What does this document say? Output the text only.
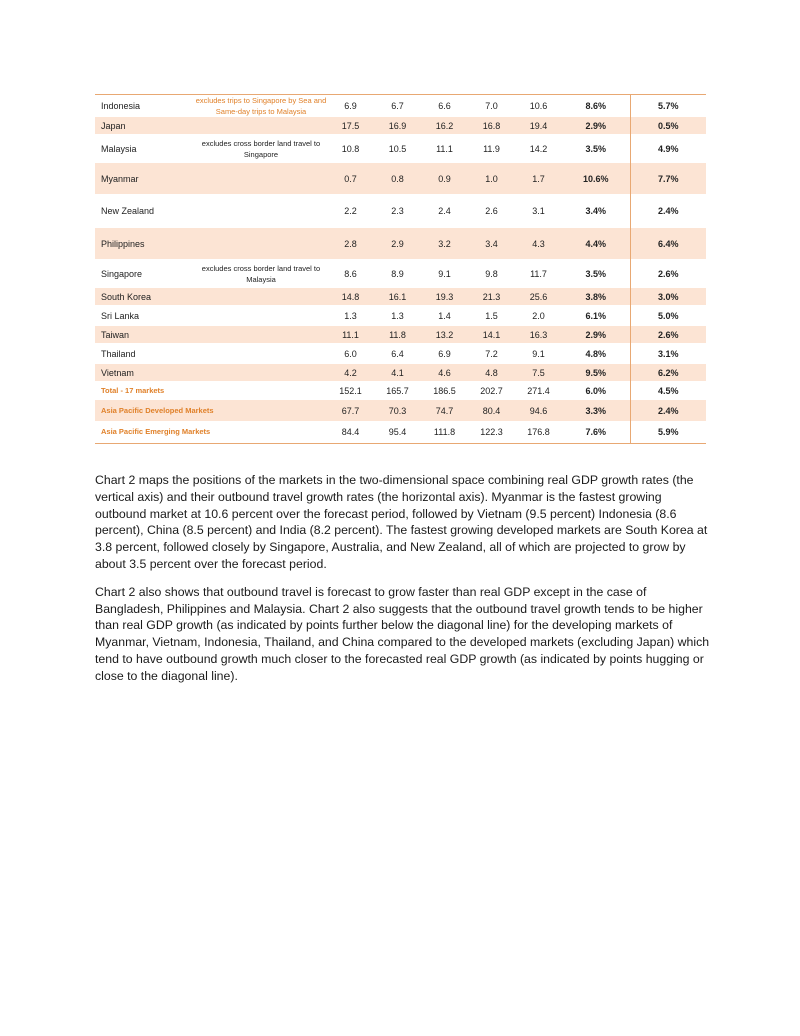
Indonesia	excludes trips to Singapore by Sea and Same-day trips to Malaysia	6.9	6.7	6.6	7.0	10.6	8.6%	5.7%
Japan		17.5	16.9	16.2	16.8	19.4	2.9%	0.5%
Malaysia	excludes cross border land travel to Singapore	10.8	10.5	11.1	11.9	14.2	3.5%	4.9%
Myanmar		0.7	0.8	0.9	1.0	1.7	10.6%	7.7%
New Zealand		2.2	2.3	2.4	2.6	3.1	3.4%	2.4%
Philippines		2.8	2.9	3.2	3.4	4.3	4.4%	6.4%
Singapore	excludes cross border land travel to Malaysia	8.6	8.9	9.1	9.8	11.7	3.5%	2.6%
South Korea		14.8	16.1	19.3	21.3	25.6	3.8%	3.0%
Sri Lanka		1.3	1.3	1.4	1.5	2.0	6.1%	5.0%
Taiwan		11.1	11.8	13.2	14.1	16.3	2.9%	2.6%
Thailand		6.0	6.4	6.9	7.2	9.1	4.8%	3.1%
Vietnam		4.2	4.1	4.6	4.8	7.5	9.5%	6.2%
Total - 17 markets		152.1	165.7	186.5	202.7	271.4	6.0%	4.5%
Asia Pacific Developed Markets		67.7	70.3	74.7	80.4	94.6	3.3%	2.4%
Asia Pacific Emerging Markets		84.4	95.4	111.8	122.3	176.8	7.6%	5.9%

Chart 2 maps the positions of the markets in the two-dimensional space combining real GDP growth rates (the vertical axis) and their outbound travel growth rates (the horizontal axis). Myanmar is the fastest growing outbound market at 10.6 percent over the forecast period, followed by Vietnam (9.5 percent) Indonesia (8.6 percent), China (8.5 percent) and India (8.2 percent). The fastest growing developed markets are South Korea at 3.8 percent, followed closely by Singapore, Australia, and New Zealand, all of which are projected to grow by about 3.5 percent over the forecast period.

Chart 2 also shows that outbound travel is forecast to grow faster than real GDP except in the case of Bangladesh, Philippines and Malaysia. Chart 2 also suggests that the outbound travel growth tends to be higher than real GDP growth (as indicated by points further below the diagonal line) for the developing markets of Myanmar, Vietnam, Indonesia, Thailand, and China compared to the developed markets (excluding Japan) which tend to have outbound growth much closer to the forecasted real GDP growth (as indicated by points hugging or close to the diagonal line).
